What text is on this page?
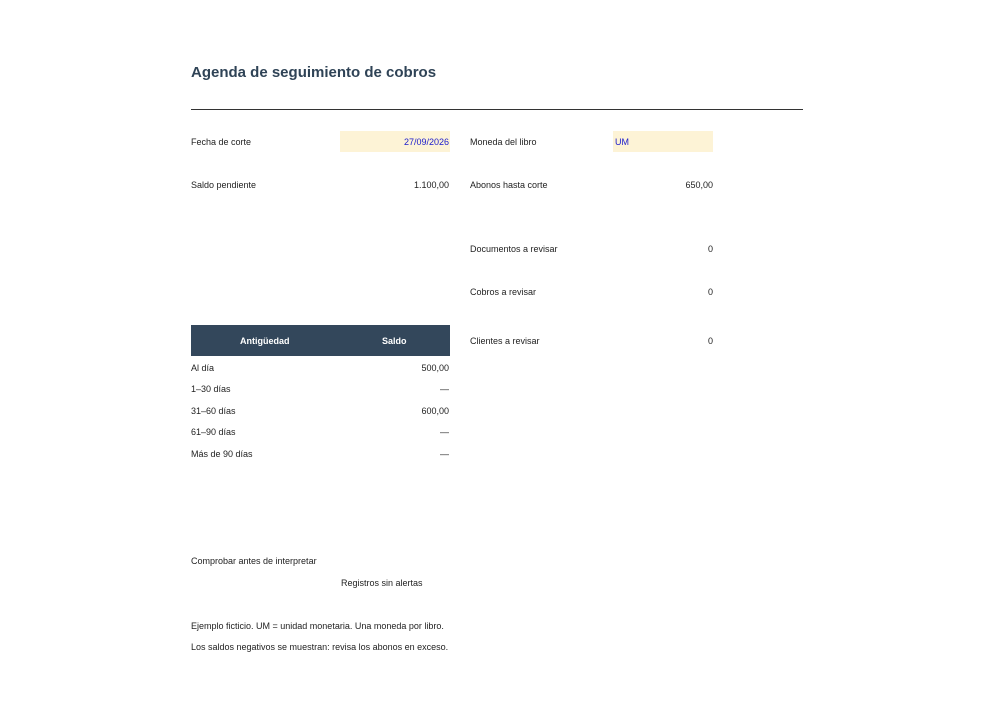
Agenda de seguimiento de cobros
Fecha de corte	27/09/2026 Moneda del libro	UM
Saldo pendiente	1.100,00 Abonos hasta corte	650,00
Documentos a revisar	0
Cobros a revisar	0
Clientes a revisar	0
Antigüedad	Saldo
Al día	500,00
1–30 días	—
31–60 días	600,00
61–90 días	—
Más de 90 días	—
Comprobar antes de interpretar
Registros sin alertas
Ejemplo ficticio. UM = unidad monetaria. Una moneda por libro.
Los saldos negativos se muestran: revisa los abonos en exceso.
